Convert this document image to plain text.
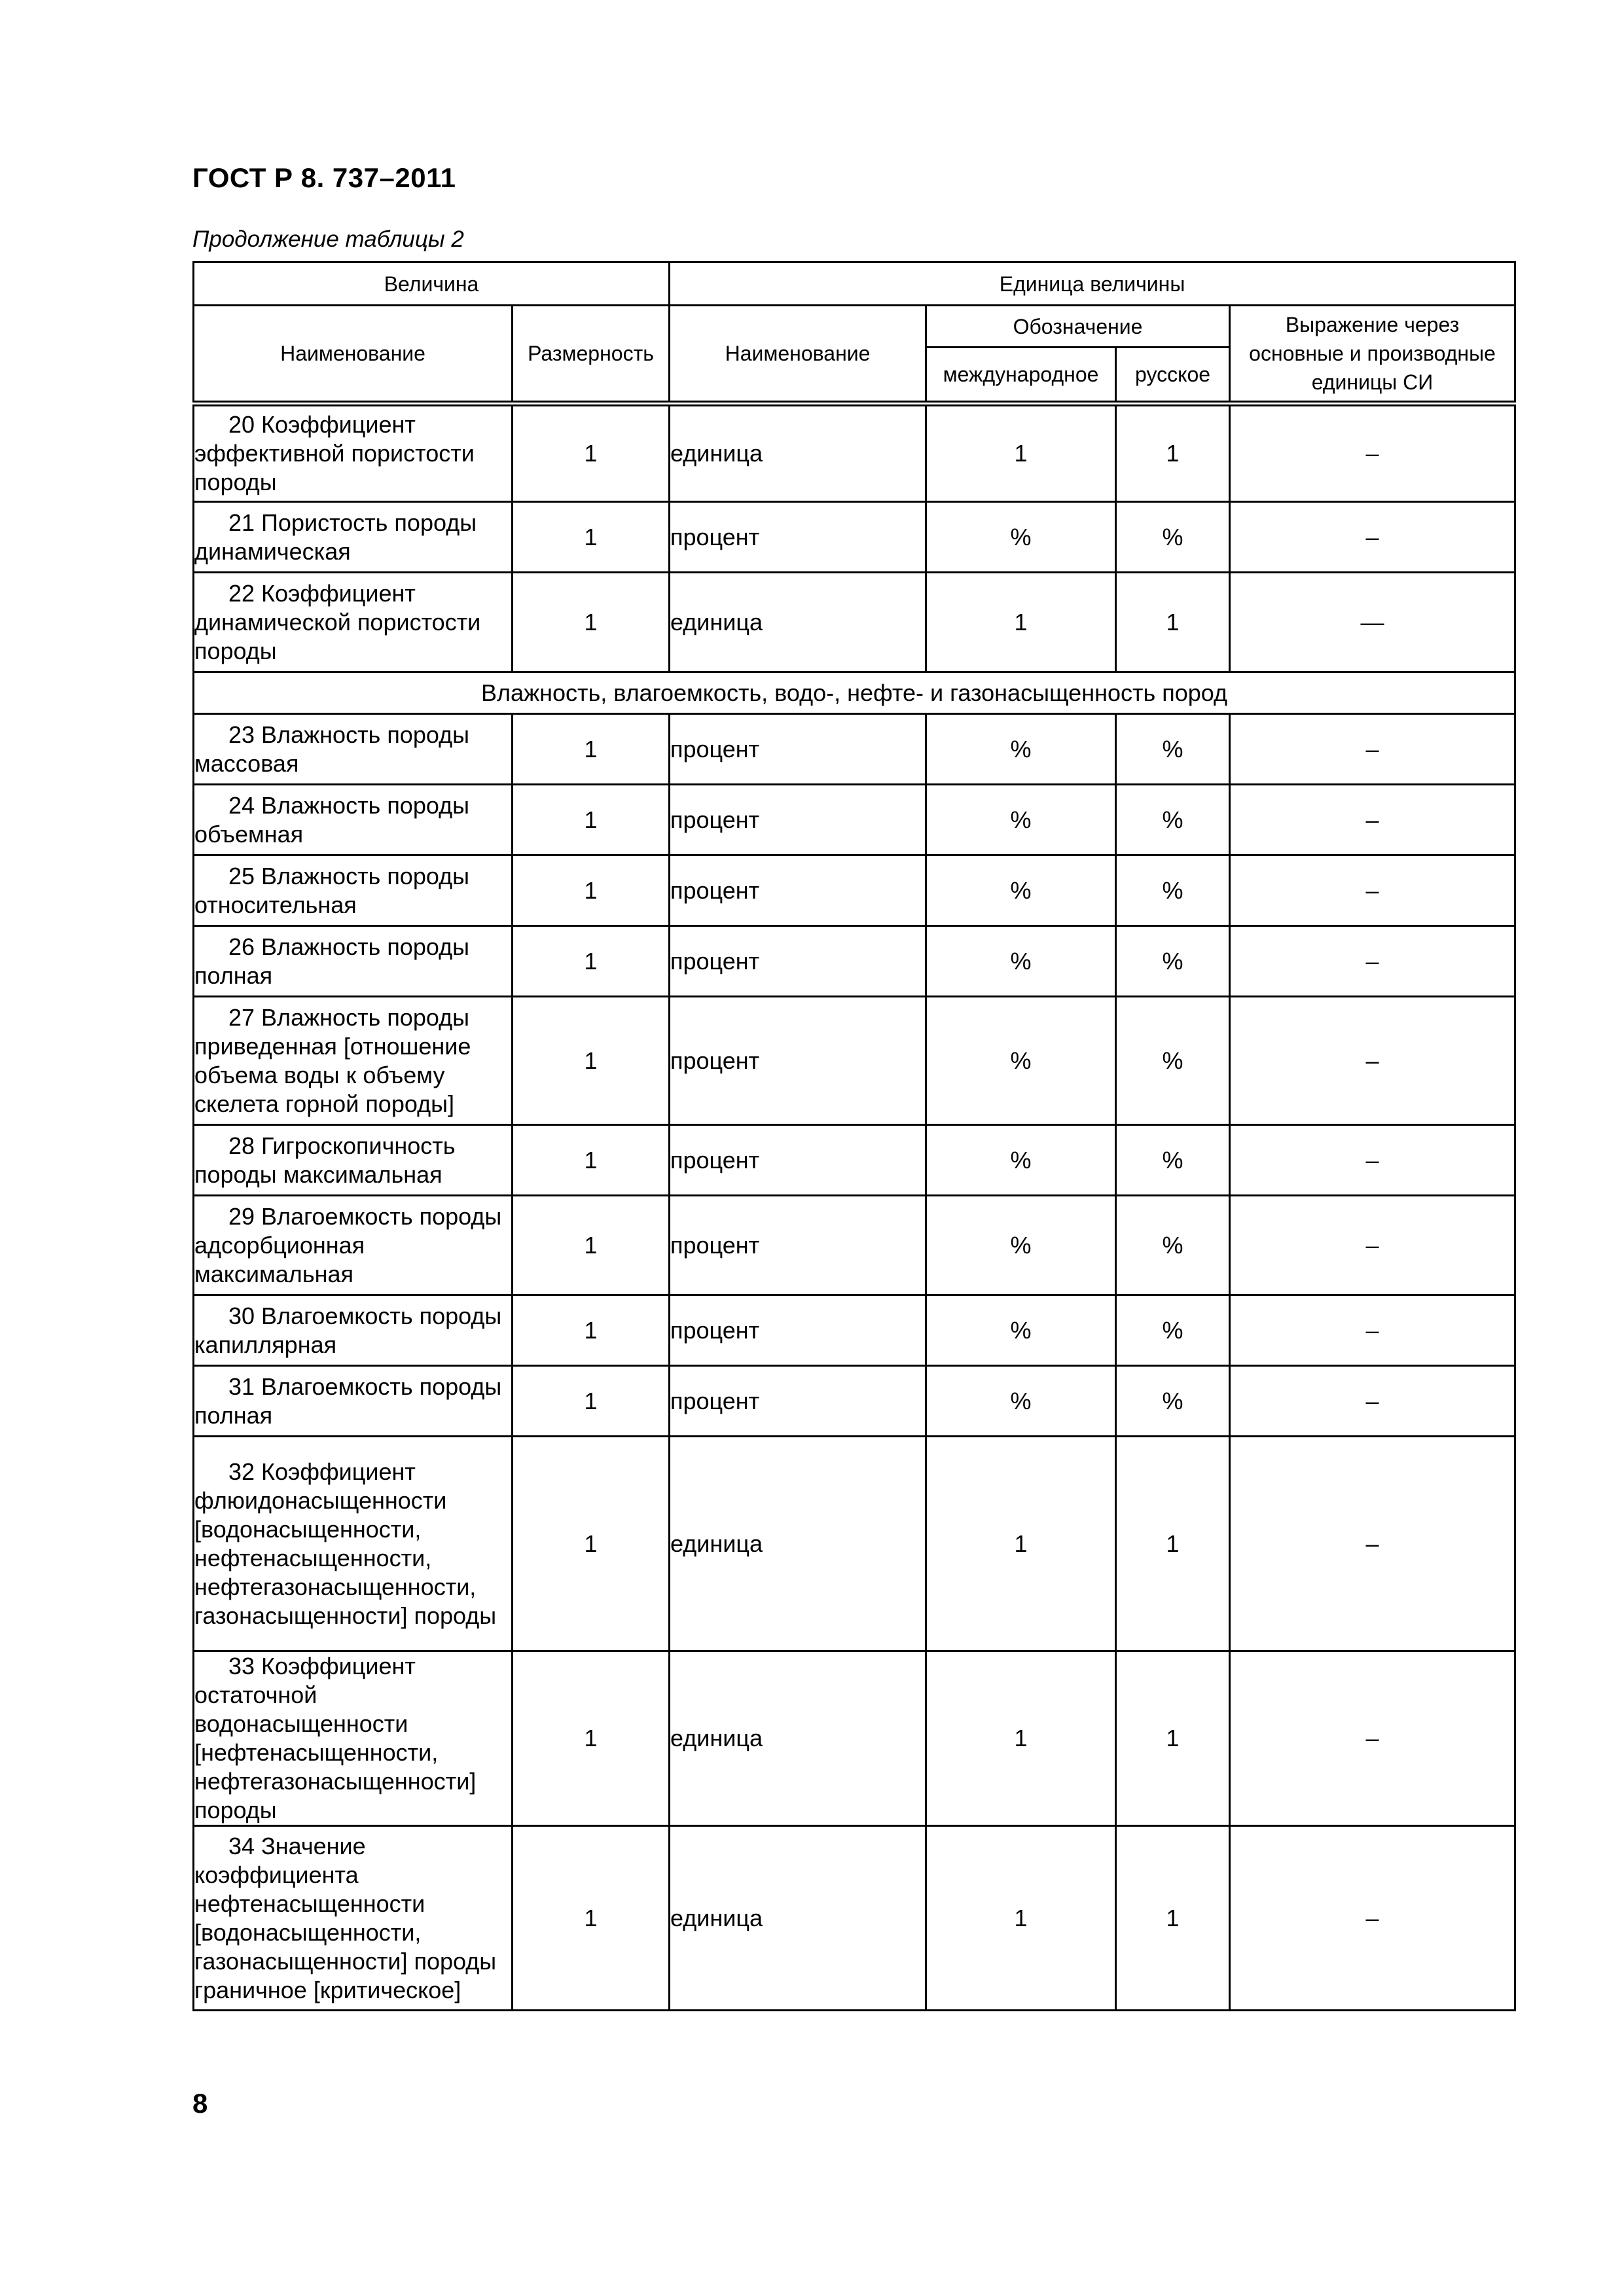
ГОСТ Р 8. 737–2011
Продолжение таблицы 2
Величина		Единица величины			
Наименование	Размерность	Наименование	Обозначение		Выражение через основные и производные единицы СИ
			международное	русское	
20 Коэффициент эффективной пористости породы	1	единица	1	1	–
21 Пористость породы динамическая	1	процент	%	%	–
22 Коэффициент динамической пористости породы	1	единица	1	1	—
Влажность, влагоемкость, водо-, нефте- и газонасыщенность пород					
23 Влажность породы массовая	1	процент	%	%	–
24 Влажность породы объемная	1	процент	%	%	–
25 Влажность породы относительная	1	процент	%	%	–
26 Влажность породы полная	1	процент	%	%	–
27 Влажность породы приведенная [отношение объема воды к объему скелета горной породы]	1	процент	%	%	–
28 Гигроскопичность породы максимальная	1	процент	%	%	–
29 Влагоемкость породы адсорбционная максимальная	1	процент	%	%	–
30 Влагоемкость породы капиллярная	1	процент	%	%	–
31 Влагоемкость породы полная	1	процент	%	%	–
32 Коэффициент флюидонасыщенности [водонасыщенности, нефтенасыщенности, нефтегазонасыщенности, газонасыщенности] породы	1	единица	1	1	–
33 Коэффициент остаточной водонасыщенности [нефтенасыщенности, нефтегазонасыщенности] породы	1	единица	1	1	–
34 Значение коэффициента нефтенасыщенности [водонасыщенности, газонасыщенности] породы граничное [критическое]	1	единица	1	1	–
8
